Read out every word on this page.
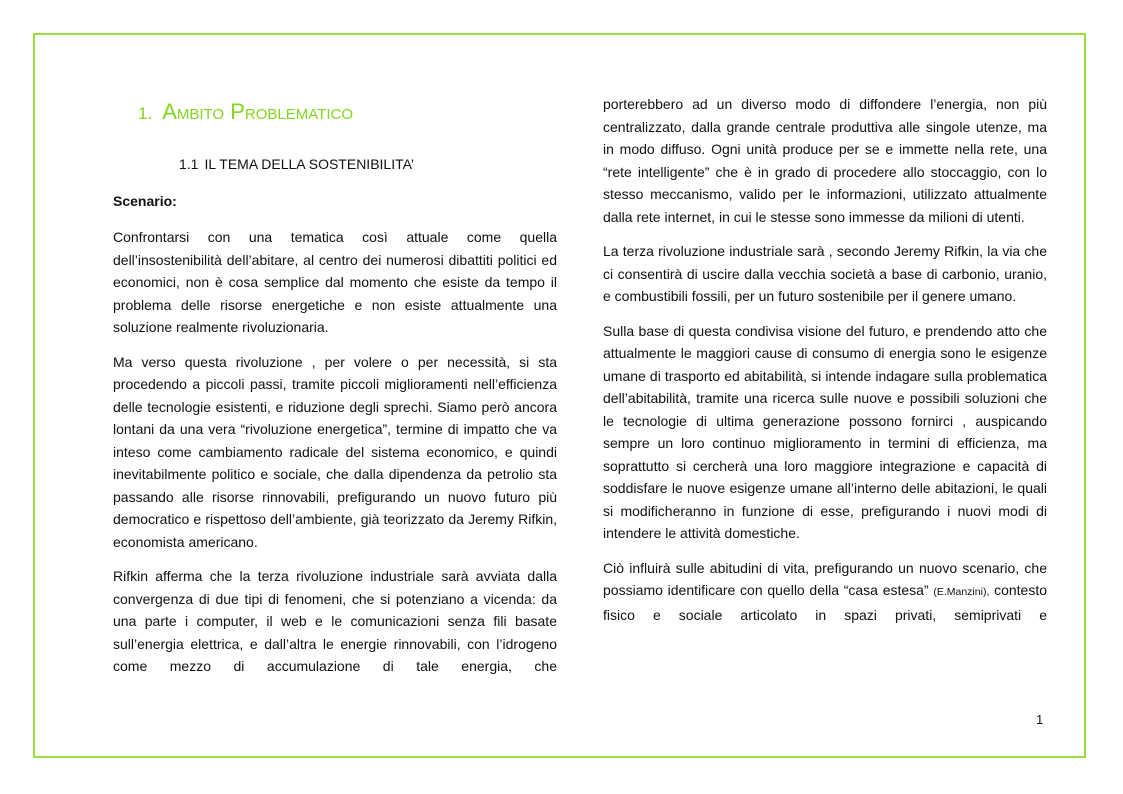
1. Ambito Problematico
1.1 IL TEMA DELLA SOSTENIBILITA’

Scenario:

Confrontarsi con una tematica così attuale come quella dell’insostenibilità dell’abitare, al centro dei numerosi dibattiti politici ed economici, non è cosa semplice dal momento che esiste da tempo il problema delle risorse energetiche e non esiste attualmente una soluzione realmente rivoluzionaria.

Ma verso questa rivoluzione , per volere o per necessità, si sta procedendo a piccoli passi, tramite piccoli miglioramenti nell’efficienza delle tecnologie esistenti, e riduzione degli sprechi. Siamo però ancora lontani da una vera “rivoluzione energetica”, termine di impatto che va inteso come cambiamento radicale del sistema economico, e quindi inevitabilmente politico e sociale, che dalla dipendenza da petrolio sta passando alle risorse rinnovabili, prefigurando un nuovo futuro più democratico e rispettoso dell’ambiente, già teorizzato da Jeremy Rifkin, economista americano.

Rifkin afferma che la terza rivoluzione industriale sarà avviata dalla convergenza di due tipi di fenomeni, che si potenziano a vicenda: da una parte i computer, il web e le comunicazioni senza fili basate sull’energia elettrica, e dall’altra le energie rinnovabili, con l’idrogeno come mezzo di accumulazione di tale energia, che

porterebbero ad un diverso modo di diffondere l’energia, non più centralizzato, dalla grande centrale produttiva alle singole utenze, ma in modo diffuso. Ogni unità produce per se e immette nella rete, una “rete intelligente” che è in grado di procedere allo stoccaggio, con lo stesso meccanismo, valido per le informazioni, utilizzato attualmente dalla rete internet, in cui le stesse sono immesse da milioni di utenti.

La terza rivoluzione industriale sarà , secondo Jeremy Rifkin, la via che ci consentirà di uscire dalla vecchia società a base di carbonio, uranio, e combustibili fossili, per un futuro sostenibile per il genere umano.

Sulla base di questa condivisa visione del futuro, e prendendo atto che attualmente le maggiori cause di consumo di energia sono le esigenze umane di trasporto ed abitabilità, si intende indagare sulla problematica dell’abitabilità, tramite una ricerca sulle nuove e possibili soluzioni che le tecnologie di ultima generazione possono fornirci , auspicando sempre un loro continuo miglioramento in termini di efficienza, ma soprattutto si cercherà una loro maggiore integrazione e capacità di soddisfare le nuove esigenze umane all’interno delle abitazioni, le quali si modificheranno in funzione di esse, prefigurando i nuovi modi di intendere le attività domestiche.

Ciò influirà sulle abitudini di vita, prefigurando un nuovo scenario, che possiamo identificare con quello della “casa estesa” (E.Manzini), contesto fisico e sociale articolato in spazi privati, semiprivati e

1
